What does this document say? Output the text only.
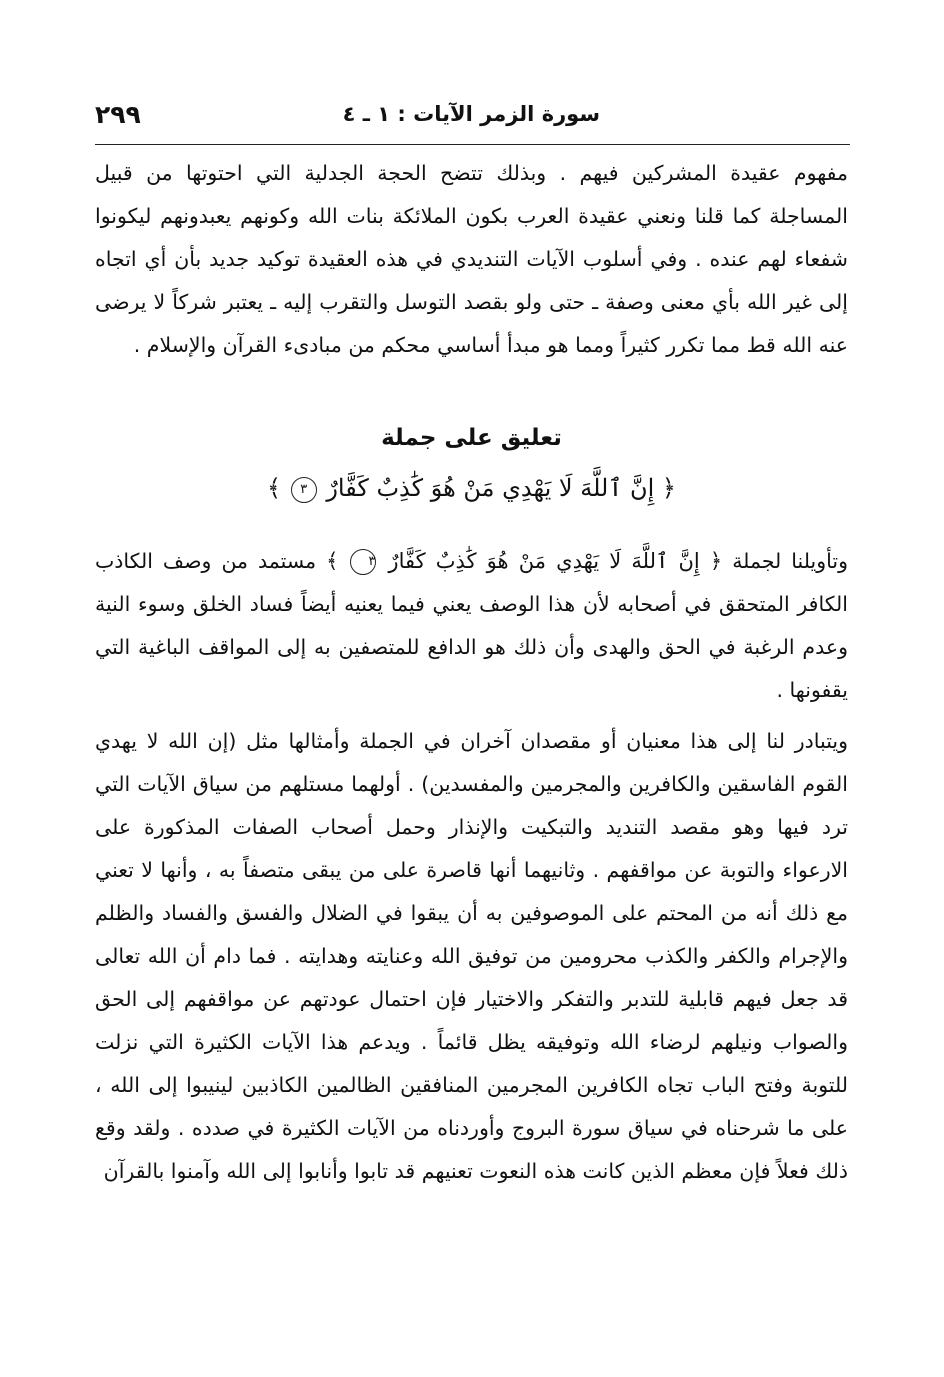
سورة الزمر الآيات : ١ ـ ٤
٢٩٩
مفهوم عقيدة المشركين فيهم . وبذلك تتضح الحجة الجدلية التي احتوتها من قبيل المساجلة كما قلنا ونعني عقيدة العرب بكون الملائكة بنات الله وكونهم يعبدونهم ليكونوا شفعاء لهم عنده . وفي أسلوب الآيات التنديدي في هذه العقيدة توكيد جديد بأن أي اتجاه إلى غير الله بأي معنى وصفة ـ حتى ولو بقصد التوسل والتقرب إليه ـ يعتبر شركاً لا يرضى عنه الله قط مما تكرر كثيراً ومما هو مبدأ أساسي محكم من مبادىء القرآن والإسلام .
تعليق على جملة
﴿ إِنَّ ٱللَّهَ لَا يَهْدِي مَنْ هُوَ كَٰذِبٌ كَفَّارٌ ٣ ﴾
وتأويلنا لجملة ﴿ إِنَّ ٱللَّهَ لَا يَهْدِي مَنْ هُوَ كَٰذِبٌ كَفَّارٌ ٣ ﴾ مستمد من وصف الكاذب الكافر المتحقق في أصحابه لأن هذا الوصف يعني فيما يعنيه أيضاً فساد الخلق وسوء النية وعدم الرغبة في الحق والهدى وأن ذلك هو الدافع للمتصفين به إلى المواقف الباغية التي يقفونها .
ويتبادر لنا إلى هذا معنيان أو مقصدان آخران في الجملة وأمثالها مثل (إن الله لا يهدي القوم الفاسقين والكافرين والمجرمين والمفسدين) . أولهما مستلهم من سياق الآيات التي ترد فيها وهو مقصد التنديد والتبكيت والإنذار وحمل أصحاب الصفات المذكورة على الارعواء والتوبة عن مواقفهم . وثانيهما أنها قاصرة على من يبقى متصفاً به ، وأنها لا تعني مع ذلك أنه من المحتم على الموصوفين به أن يبقوا في الضلال والفسق والفساد والظلم والإجرام والكفر والكذب محرومين من توفيق الله وعنايته وهدايته . فما دام أن الله تعالى قد جعل فيهم قابلية للتدبر والتفكر والاختيار فإن احتمال عودتهم عن مواقفهم إلى الحق والصواب ونيلهم لرضاء الله وتوفيقه يظل قائماً . ويدعم هذا الآيات الكثيرة التي نزلت للتوبة وفتح الباب تجاه الكافرين المجرمين المنافقين الظالمين الكاذبين لينيبوا إلى الله ، على ما شرحناه في سياق سورة البروج وأوردناه من الآيات الكثيرة في صدده . ولقد وقع ذلك فعلاً فإن معظم الذين كانت هذه النعوت تعنيهم قد تابوا وأنابوا إلى الله وآمنوا بالقرآن
